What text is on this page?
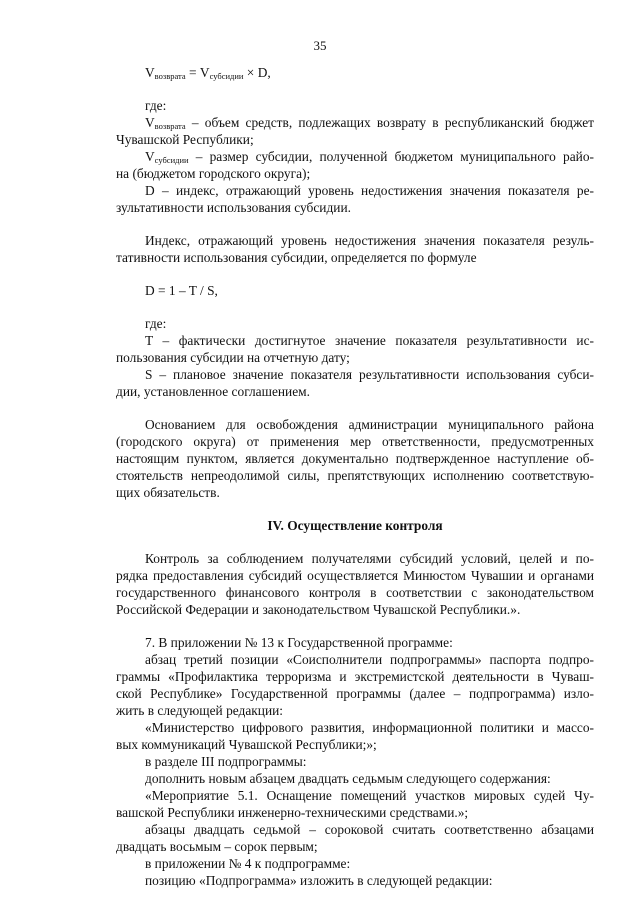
35
$V_{возврата} = V_{субсидии} \times D$,
где:
$V_{возврата}$ – объем средств, подлежащих возврату в республиканский бюджет
Чувашской Республики;
$V_{субсидии}$ – размер субсидии, полученной бюджетом муниципального райо-
на (бюджетом городского округа);
D – индекс, отражающий уровень недостижения значения показателя ре-
зультативности использования субсидии.
Индекс, отражающий уровень недостижения значения показателя резуль-
тативности использования субсидии, определяется по формуле
D = 1 – T / S,
где:
T – фактически достигнутое значение показателя результативности ис-
пользования субсидии на отчетную дату;
S – плановое значение показателя результативности использования субси-
дии, установленное соглашением.
Основанием для освобождения администрации муниципального района
(городского округа) от применения мер ответственности, предусмотренных
настоящим пунктом, является документально подтвержденное наступление об-
стоятельств непреодолимой силы, препятствующих исполнению соответствую-
щих обязательств.
IV. Осуществление контроля
Контроль за соблюдением получателями субсидий условий, целей и по-
рядка предоставления субсидий осуществляется Минюстом Чувашии и органами
государственного финансового контроля в соответствии с законодательством
Российской Федерации и законодательством Чувашской Республики.».
7. В приложении № 13 к Государственной программе:
абзац третий позиции «Соисполнители подпрограммы» паспорта подпро-
граммы «Профилактика терроризма и экстремистской деятельности в Чуваш-
ской Республике» Государственной программы (далее – подпрограмма) изло-
жить в следующей редакции:
«Министерство цифрового развития, информационной политики и массо-
вых коммуникаций Чувашской Республики;»;
в разделе III подпрограммы:
дополнить новым абзацем двадцать седьмым следующего содержания:
«Мероприятие 5.1. Оснащение помещений участков мировых судей Чу-
вашской Республики инженерно-техническими средствами.»;
абзацы двадцать седьмой – сороковой считать соответственно абзацами
двадцать восьмым – сорок первым;
в приложении № 4 к подпрограмме:
позицию «Подпрограмма» изложить в следующей редакции:
